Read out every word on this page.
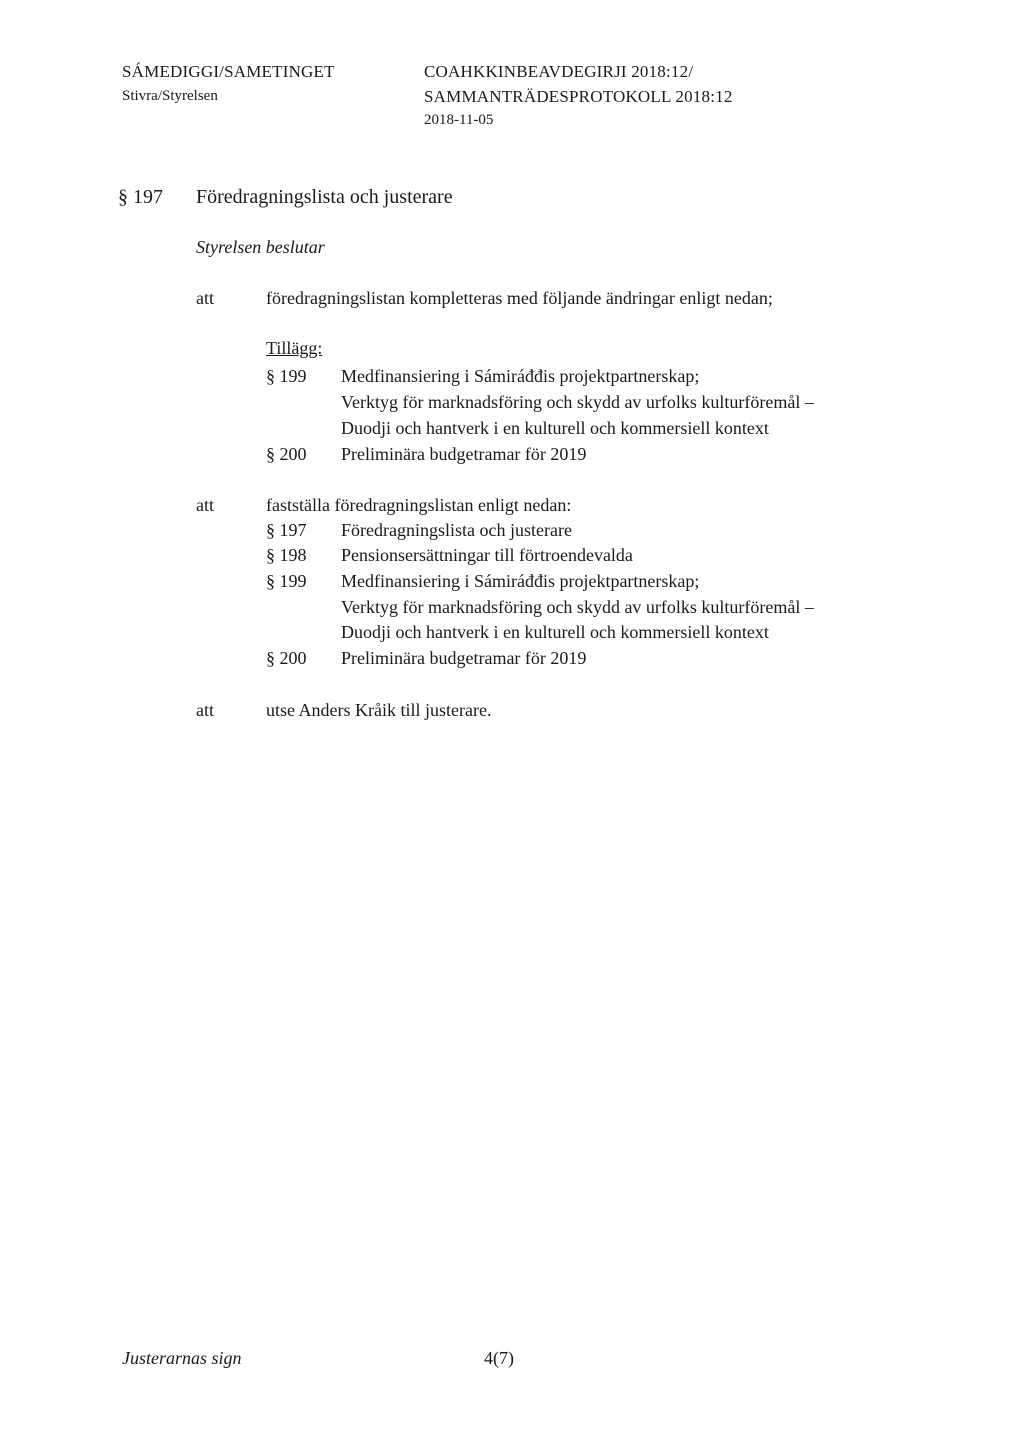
SÁMEDIGGI/SAMETINGET
Stivra/Styrelsen
COAHKKINBEAVDEGIRJI 2018:12/
SAMMANTRÄDESPROTOKOLL 2018:12
2018-11-05
§ 197 Föredragningslista och justerare
Styrelsen beslutar
att	föredragningslistan kompletteras med följande ändringar enligt nedan;
Tillägg:
§ 199 Medfinansiering i Sámiráđđis projektpartnerskap;
Verktyg för marknadsföring och skydd av urfolks kulturföremål –
Duodji och hantverk i en kulturell och kommersiell kontext
§ 200 Preliminära budgetramar för 2019
att	fastställa föredragningslistan enligt nedan:
§ 197 Föredragningslista och justerare
§ 198 Pensionsersättningar till förtroendevalda
§ 199 Medfinansiering i Sámiráđđis projektpartnerskap;
Verktyg för marknadsföring och skydd av urfolks kulturföremål –
Duodji och hantverk i en kulturell och kommersiell kontext
§ 200 Preliminära budgetramar för 2019
att	utse Anders Kråik till justerare.
Justerarnas sign	4(7)
